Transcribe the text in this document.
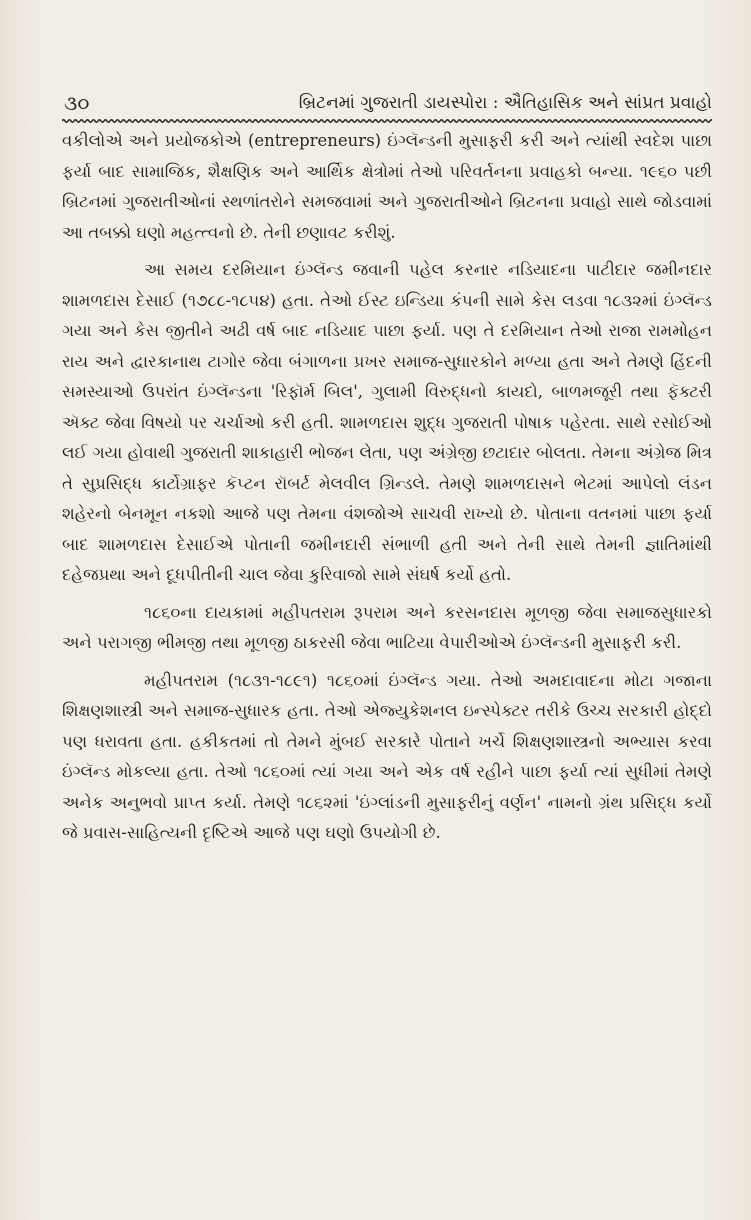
૩૦	બ્રિટનમાં ગુજરાતી ડાયસ્પોરા : ઐતિહાસિક અને સાંપ્રત પ્રવાહો

વકીલોએ અને પ્રયોજકોએ (entrepreneurs) ઇંગ્લૅન્ડની મુસાફરી કરી અને ત્યાંથી સ્વદેશ પાછા ફર્યા બાદ સામાજિક, શૈક્ષણિક અને આર્થિક ક્ષેત્રોમાં તેઓ પરિવર્તનના પ્રવાહકો બન્યા. ૧૯૬૦ પછી બ્રિટનમાં ગુજરાતીઓનાં સ્થળાંતરોને સમજવામાં અને ગુજરાતીઓને બ્રિટનના પ્રવાહો સાથે જોડવામાં આ તબક્કો ઘણો મહત્ત્વનો છે. તેની છણાવટ કરીશું.

આ સમય દરમિયાન ઇંગ્લૅન્ડ જવાની પહેલ કરનાર નડિયાદના પાટીદાર જમીનદાર શામળદાસ દેસાઈ (૧૭૮૮-૧૮૫૪) હતા. તેઓ ઈસ્ટ ઇન્ડિયા કંપની સામે કેસ લડવા ૧૮૩૨માં ઇંગ્લૅન્ડ ગયા અને કેસ જીતીને અઢી વર્ષ બાદ નડિયાદ પાછા ફર્યા. પણ તે દરમિયાન તેઓ રાજા રામમોહન રાય અને દ્વારકાનાથ ટાગોર જેવા બંગાળના પ્રખર સમાજ-સુધારકોને મળ્યા હતા અને તેમણે હિંદની સમસ્યાઓ ઉપરાંત ઇંગ્લૅન્ડના 'રિફૉર્મ બિલ', ગુલામી વિરુદ્ધનો કાયદો, બાળમજૂરી તથા ફૅક્ટરી ઍક્ટ જેવા વિષયો પર ચર્ચાઓ કરી હતી. શામળદાસ શુદ્ધ ગુજરાતી પોષાક પહેરતા. સાથે રસોઈઓ લઈ ગયા હોવાથી ગુજરાતી શાકાહારી ભોજન લેતા, પણ અંગ્રેજી છટાદાર બોલતા. તેમના અંગ્રેજ મિત્ર તે સુપ્રસિદ્ધ કાર્ટોગ્રાફર કૅપ્ટન રૉબર્ટ મેલવીલ ગ્રિન્ડલે. તેમણે શામળદાસને ભેટમાં આપેલો લંડન શહેરનો બેનમૂન નકશો આજે પણ તેમના વંશજોએ સાચવી રાખ્યો છે. પોતાના વતનમાં પાછા ફર્યા બાદ શામળદાસ દેસાઈએ પોતાની જમીનદારી સંભાળી હતી અને તેની સાથે તેમની જ્ઞાતિમાંથી દહેજપ્રથા અને દૂધપીતીની ચાલ જેવા કુરિવાજો સામે સંઘર્ષ કર્યો હતો.

૧૮૬૦ના દાયકામાં મહીપતરામ રૂપરામ અને કરસનદાસ મૂળજી જેવા સમાજસુધારકો અને પરાગજી ભીમજી તથા મૂળજી ઠાકરસી જેવા ભાટિયા વેપારીઓએ ઇંગ્લૅન્ડની મુસાફરી કરી.

મહીપતરામ (૧૮૩૧-૧૮૯૧) ૧૮૬૦માં ઇંગ્લૅન્ડ ગયા. તેઓ અમદાવાદના મોટા ગજાના શિક્ષણશાસ્ત્રી અને સમાજ-સુધારક હતા. તેઓ એજ્યુકેશનલ ઇન્સ્પેક્ટર તરીકે ઉચ્ચ સરકારી હોદ્દો પણ ધરાવતા હતા. હકીકતમાં તો તેમને મુંબઈ સરકારે પોતાને ખર્ચે શિક્ષણશાસ્ત્રનો અભ્યાસ કરવા ઇંગ્લૅન્ડ મોકલ્યા હતા. તેઓ ૧૮૬૦માં ત્યાં ગયા અને એક વર્ષ રહીને પાછા ફર્યા ત્યાં સુધીમાં તેમણે અનેક અનુભવો પ્રાપ્ત કર્યા. તેમણે ૧૮૬૨માં 'ઇંગ્લાંડની મુસાફરીનું વર્ણન' નામનો ગ્રંથ પ્રસિદ્ધ કર્યો જે પ્રવાસ-સાહિત્યની દૃષ્ટિએ આજે પણ ઘણો ઉપયોગી છે.
